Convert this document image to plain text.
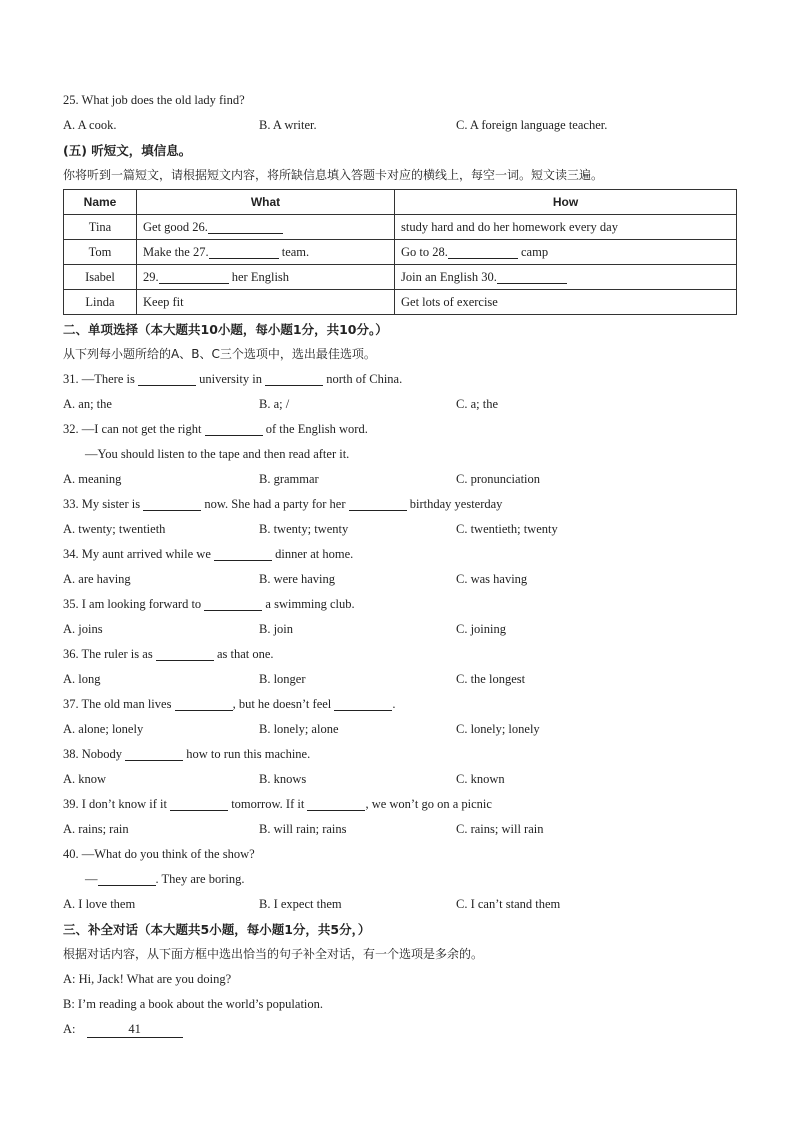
25. What job does the old lady find?
A. A cook.	B. A writer.	C. A foreign language teacher.
(五) 听短文，填信息。
你将听到一篇短文，请根据短文内容，将所缺信息填入答题卡对应的横线上，每空一词。短文读三遍。
Name	What	How
Tina	Get good 26.	study hard and do her homework every day
Tom	Make the 27. team.	Go to 28. camp
Isabel	29. her English	Join an English 30.
Linda	Keep fit	Get lots of exercise
二、单项选择（本大题共10小题，每小题1分，共10分。）
从下列每小题所给的A、B、C三个选项中，选出最佳选项。
31. —There is	university in	north of China.
A. an; the	B. a; /	C. a; the
32. —I can not get the right	of the English word.
—You should listen to the tape and then read after it.
A. meaning	B. grammar	C. pronunciation
33. My sister is	now. She had a party for her	birthday yesterday
A. twenty; twentieth	B. twenty; twenty	C. twentieth; twenty
34. My aunt arrived while we	dinner at home.
A. are having	B. were having	C. was having
35. I am looking forward to	a swimming club.
A. joins	B. join	C. joining
36. The ruler is as	as that one.
A. long	B. longer	C. the longest
37. The old man lives	, but he doesn’t feel	.
A. alone; lonely	B. lonely; alone	C. lonely; lonely
38. Nobody	how to run this machine.
A. know	B. knows	C. known
39. I don’t know if it	tomorrow. If it	, we won’t go on a picnic
A. rains; rain	B. will rain; rains	C. rains; will rain
40. —What do you think of the show?
—	. They are boring.
A. I love them	B. I expect them	C. I can’t stand them
三、补全对话（本大题共5小题，每小题1分，共5分，）
根据对话内容，从下面方框中选出恰当的句子补全对话，有一个选项是多余的。
A: Hi, Jack! What are you doing?
B: I’m reading a book about the world’s population.
A:	41
